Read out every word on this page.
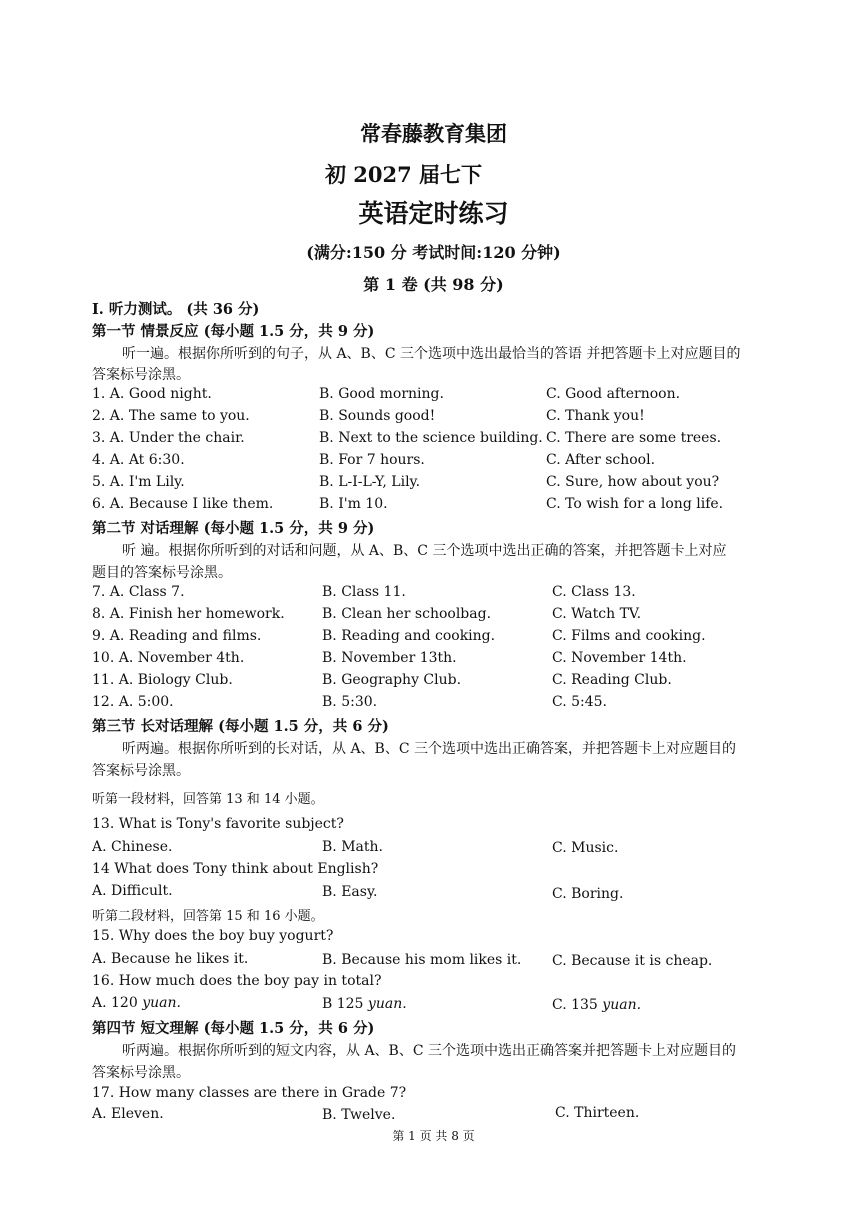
常春藤教育集团
初 2027 届七下
英语定时练习
(满分:150 分 考试时间:120 分钟)
第 1 卷 (共 98 分)
I. 听力测试。 (共 36 分)
第一节 情景反应 (每小题 1.5 分，共 9 分)
听一遍。根据你所听到的句子，从 A、B、C 三个选项中选出最恰当的答语 并把答题卡上对应题目的
答案标号涂黑。
1. A. Good night.	B. Good morning.	C. Good afternoon.
2. A. The same to you.	B. Sounds good!	C. Thank you!
3. A. Under the chair.	B. Next to the science building. C. There are some trees.
4. A. At 6:30.	B. For 7 hours.	C. After school.
5. A. I'm Lily.	B. L-I-L-Y, Lily.	C. Sure, how about you?
6. A. Because I like them.	B. I'm 10.	C. To wish for a long life.
第二节 对话理解 (每小题 1.5 分，共 9 分)
听 遍。根据你所听到的对话和问题，从 A、B、C 三个选项中选出正确的答案，并把答题卡上对应
题目的答案标号涂黑。
7. A. Class 7.	B. Class 11.	C. Class 13.
8. A. Finish her homework.	B. Clean her schoolbag.	C. Watch TV.
9. A. Reading and films.	B. Reading and cooking.	C. Films and cooking.
10. A. November 4th.	B. November 13th.	C. November 14th.
11. A. Biology Club.	B. Geography Club.	C. Reading Club.
12. A. 5:00.	B. 5:30.	C. 5:45.
第三节 长对话理解 (每小题 1.5 分，共 6 分)
听两遍。根据你所听到的长对话，从 A、B、C 三个选项中选出正确答案，并把答题卡上对应题目的
答案标号涂黑。
听第一段材料，回答第 13 和 14 小题。
13. What is Tony's favorite subject?
A. Chinese.	B. Math.	C. Music.
14 What does Tony think about English?
A. Difficult.	B. Easy.	C. Boring.
听第二段材料，回答第 15 和 16 小题。
15. Why does the boy buy yogurt?
A. Because he likes it.	B. Because his mom likes it. C. Because it is cheap.
16. How much does the boy pay in total?
A. 120 yuan.	B 125 yuan.	C. 135 yuan.
第四节 短文理解 (每小题 1.5 分，共 6 分)
听两遍。根据你所听到的短文内容，从 A、B、C 三个选项中选出正确答案并把答题卡上对应题目的
答案标号涂黑。
17. How many classes are there in Grade 7?
A. Eleven.	B. Twelve.	C. Thirteen.
第 1 页 共 8 页
